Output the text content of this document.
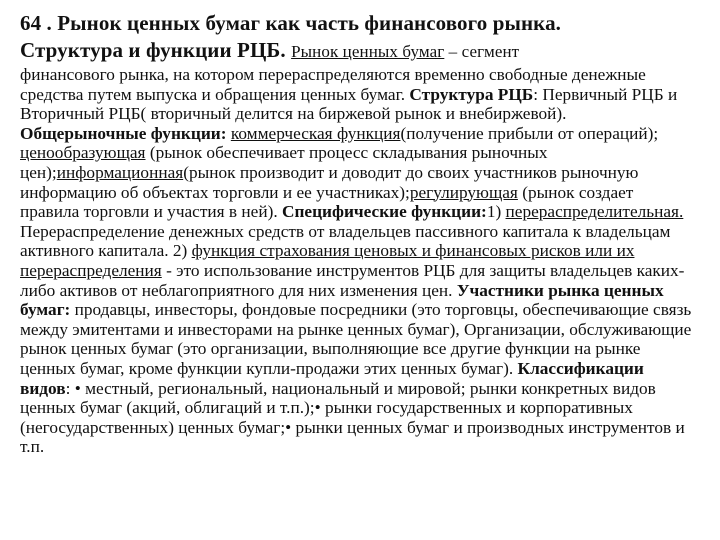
64 . Рынок ценных бумаг как часть финансового рынка.
Структура и функции РЦБ. Рынок ценных бумаг – сегмент

финансового рынка, на котором перераспределяются временно свободные денежные средства путем выпуска и обращения ценных бумаг. Структура РЦБ: Первичный РЦБ и Вторичный РЦБ( вторичный делится на биржевой рынок и внебиржевой). Общерыночные функции: коммерческая функция(получение прибыли от операций); ценообразующая (рынок обеспечивает процесс складывания рыночных цен);информационная(рынок производит и доводит до своих участников рыночную информацию об объектах торговли и ее участниках);регулирующая (рынок создает правила торговли и участия в ней). Специфические функции:1) перераспределительная. Перераспределение денежных средств от владельцев пассивного капитала к владельцам активного капитала. 2) функция страхования ценовых и финансовых рисков или их перераспределения - это использование инструментов РЦБ для защиты владельцев каких-либо активов от неблагоприятного для них изменения цен. Участники рынка ценных бумаг: продавцы, инвесторы, фондовые посредники (это торговцы, обеспечивающие связь между эмитентами и инвесторами на рынке ценных бумаг), Организации, обслуживающие рынок ценных бумаг (это организации, выполняющие все другие функции на рынке ценных бумаг, кроме функции купли-продажи этих ценных бумаг). Классификации видов: • местный, региональный, национальный и мировой; рынки конкретных видов ценных бумаг (акций, облигаций и т.п.);• рынки государственных и корпоративных (негосударственных) ценных бумаг;• рынки ценных бумаг и производных инструментов и т.п.
